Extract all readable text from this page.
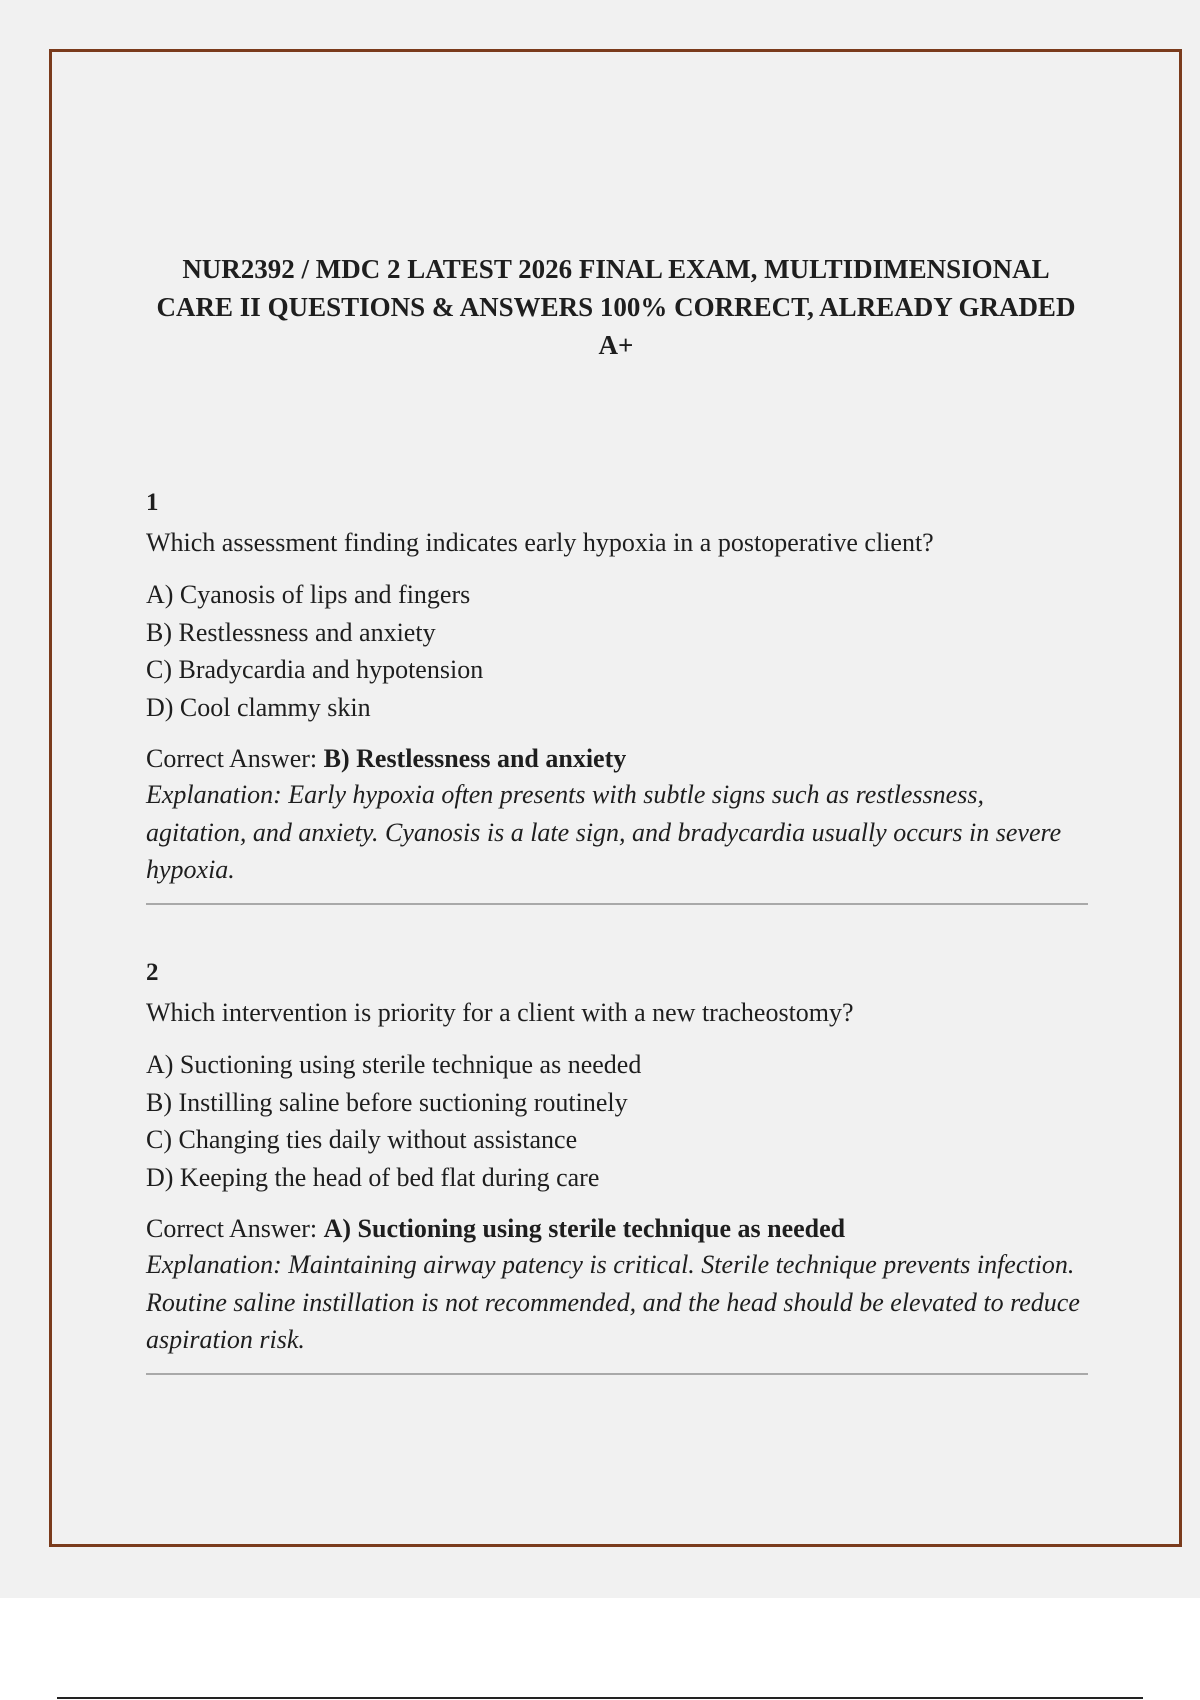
NUR2392 / MDC 2 LATEST 2026 FINAL EXAM, MULTIDIMENSIONAL CARE II QUESTIONS & ANSWERS 100% CORRECT, ALREADY GRADED A+
1
Which assessment finding indicates early hypoxia in a postoperative client?
A) Cyanosis of lips and fingers
B) Restlessness and anxiety
C) Bradycardia and hypotension
D) Cool clammy skin
Correct Answer: B) Restlessness and anxiety
Explanation: Early hypoxia often presents with subtle signs such as restlessness, agitation, and anxiety. Cyanosis is a late sign, and bradycardia usually occurs in severe hypoxia.
2
Which intervention is priority for a client with a new tracheostomy?
A) Suctioning using sterile technique as needed
B) Instilling saline before suctioning routinely
C) Changing ties daily without assistance
D) Keeping the head of bed flat during care
Correct Answer: A) Suctioning using sterile technique as needed
Explanation: Maintaining airway patency is critical. Sterile technique prevents infection. Routine saline instillation is not recommended, and the head should be elevated to reduce aspiration risk.
